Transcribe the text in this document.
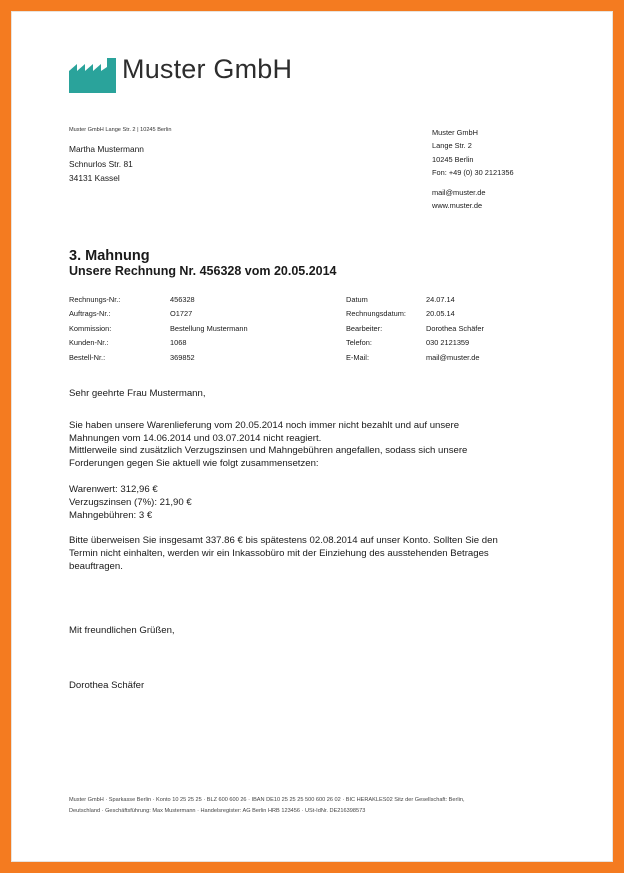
Muster GmbH
Muster GmbH Lange Str. 2 | 10245 Berlin
Martha Mustermann
Schnurlos Str. 81
34131 Kassel
Muster GmbH
Lange Str. 2
10245 Berlin
Fon: +49 (0) 30 2121356
mail@muster.de
www.muster.de
3. Mahnung
Unsere Rechnung Nr. 456328 vom 20.05.2014
Rechnungs-Nr.:	456328
Auftrags-Nr.:	O1727
Kommission:	Bestellung Mustermann
Kunden-Nr.:	1068
Bestell-Nr.:	369852
Datum	24.07.14
Rechnungsdatum:	20.05.14
Bearbeiter:	Dorothea Schäfer
Telefon:	030 2121359
E-Mail:	mail@muster.de

Sehr geehrte Frau Mustermann,

Sie haben unsere Warenlieferung vom 20.05.2014 noch immer nicht bezahlt und auf unsere

Mahnungen vom 14.06.2014 und 03.07.2014 nicht reagiert.

Mittlerweile sind zusätzlich Verzugszinsen und Mahngebühren angefallen, sodass sich unsere

Forderungen gegen Sie aktuell wie folgt zusammensetzen:

Warenwert: 312,96 €

Verzugszinsen (7%): 21,90 €

Mahngebühren: 3 €

Bitte überweisen Sie insgesamt 337.86 € bis spätestens 02.08.2014 auf unser Konto. Sollten Sie den

Termin nicht einhalten, werden wir ein Inkassobüro mit der Einziehung des ausstehenden Betrages

beauftragen.

Mit freundlichen Grüßen,
Dorothea Schäfer
Muster GmbH · Sparkasse Berlin · Konto 10 25 25 25 · BLZ 600 600 26 · IBAN DE10 25 25 25 500 600 26 02 · BIC HERAKLES02 Sitz der Gesellschaft: Berlin,
Deutschland · Geschäftsführung: Max Mustermann · Handelsregister: AG Berlin HRB 123456 · USt-IdNr. DE216398573
